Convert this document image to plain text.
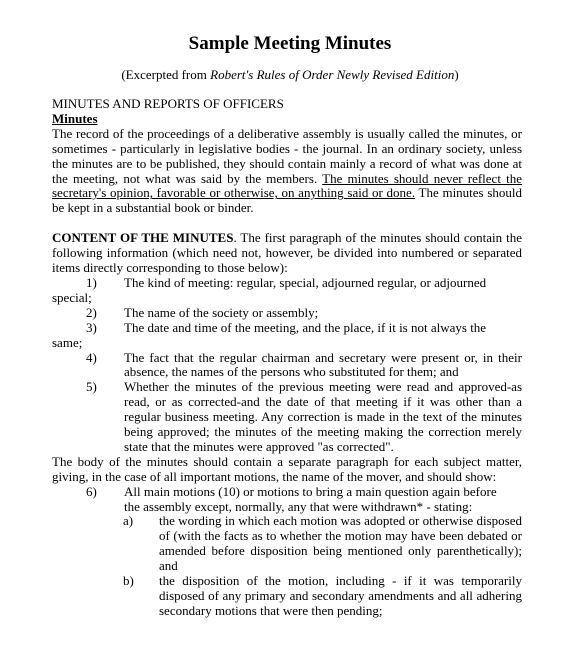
Sample Meeting Minutes
(Excerpted from Robert's Rules of Order Newly Revised Edition)
MINUTES AND REPORTS OF OFFICERS
Minutes

The record of the proceedings of a deliberative assembly is usually called the minutes, or sometimes - particularly in legislative bodies - the journal. In an ordinary society, unless the minutes are to be published, they should contain mainly a record of what was done at the meeting, not what was said by the members. The minutes should never reflect the secretary's opinion, favorable or otherwise, on anything said or done. The minutes should be kept in a substantial book or binder.

CONTENT OF THE MINUTES. The first paragraph of the minutes should contain the following information (which need not, however, be divided into numbered or separated items directly corresponding to those below):

1)	The kind of meeting: regular, special, adjourned regular, or adjourned
special;
2) The name of the society or assembly;
3)	The date and time of the meeting, and the place, if it is not always the
same;
4) The fact that the regular chairman and secretary were present or, in their absence, the names of the persons who substituted for them; and
5) Whether the minutes of the previous meeting were read and approved-as read, or as corrected-and the date of that meeting if it was other than a regular business meeting. Any correction is made in the text of the minutes being approved; the minutes of the meeting making the correction merely state that the minutes were approved "as corrected".

The body of the minutes should contain a separate paragraph for each subject matter, giving, in the case of all important motions, the name of the mover, and should show:

6)	All main motions (10) or motions to bring a main question again before
the assembly except, normally, any that were withdrawn* - stating:
a) the wording in which each motion was adopted or otherwise disposed of (with the facts as to whether the motion may have been debated or amended before disposition being mentioned only parenthetically); and
b) the disposition of the motion, including - if it was temporarily disposed of any primary and secondary amendments and all adhering secondary motions that were then pending;
